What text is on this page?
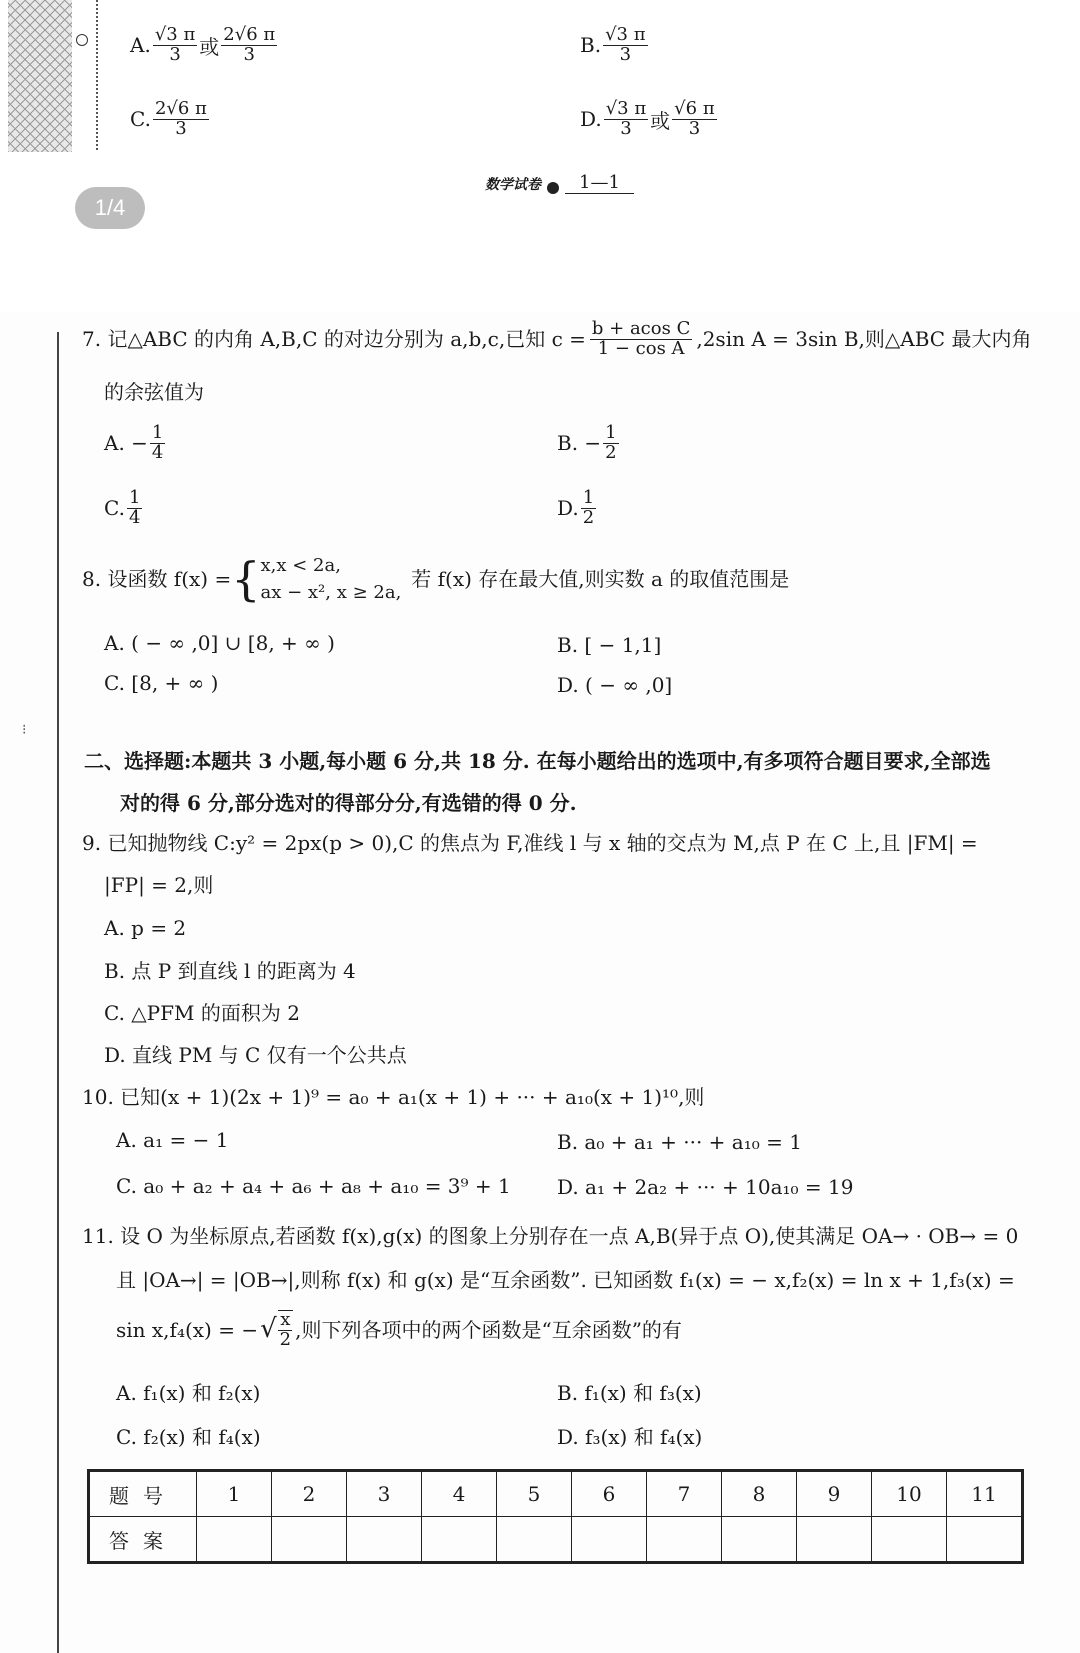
A. $\frac{√3 \pi}{3}$ 或 $\frac{2√6 \pi}{3}$	B. $\frac{√3 \pi}{3}$
C. $\frac{2√6 \pi}{3}$	D. $\frac{√3 \pi}{3}$ 或 $\frac{√6 \pi}{3}$
1/4
数学试卷	1—1
⁝
7. 记△ABC 的内角 A,B,C 的对边分别为 a,b,c,已知 $c = \frac{\text{b + acos C}}{\text{1 − cos A}} ,2\sin$ A = 3sin B,则△ABC 最大内角
的余弦值为
A. − $\frac{1}{4}$	B. − $\frac{1}{2}$
C. $\frac{1}{4}$	D. $\frac{1}{2}$
8. 设函数 f(x) = { x,x < 2a,
ax − x², x ≥ 2a,
若 f(x) 存在最大值,则实数 a 的取值范围是
A. ( − ∞ ,0] ∪ [8, + ∞ )	B. [ − 1,1]
C. [8, + ∞ )	D. ( − ∞ ,0]
二、选择题:本题共 3 小题,每小题 6 分,共 18 分. 在每小题给出的选项中,有多项符合题目要求,全部选
对的得 6 分,部分选对的得部分分,有选错的得 0 分.
9. 已知抛物线 C:y² = 2px(p > 0),C 的焦点为 F,准线 l 与 x 轴的交点为 M,点 P 在 C 上,且 |FM| =
|FP| = 2,则
A. p = 2
B. 点 P 到直线 l 的距离为 4
C. △PFM 的面积为 2
D. 直线 PM 与 C 仅有一个公共点
10. 已知(x + 1)(2x + 1)⁹ = a₀ + a₁(x + 1) + ··· + a₁₀(x + 1)¹⁰,则
A. a₁ = − 1	B. a₀ + a₁ + ··· + a₁₀ = 1
C. a₀ + a₂ + a₄ + a₆ + a₈ + a₁₀ = 3⁹ + 1 D. a₁ + 2a₂ + ··· + 10a₁₀ = 19
11. 设 O 为坐标原点,若函数 f(x),g(x) 的图象上分别存在一点 A,B(异于点 O),使其满足 OA→ · OB→ = 0
且 |OA→| = |OB→|,则称 f(x) 和 g(x) 是“互余函数”. 已知函数 f₁(x) = − x,f₂(x) = ln x + 1,f₃(x) =
sin x,f₄(x) = − √ $\frac{x}{2}$ ,则下列各项中的两个函数是“互余函数”的有
A. f₁(x) 和 f₂(x)	B. f₁(x) 和 f₃(x)
C. f₂(x) 和 f₄(x)	D. f₃(x) 和 f₄(x)
题号	1	2	3	4	5	6	7	8	9	10	11
答案											
